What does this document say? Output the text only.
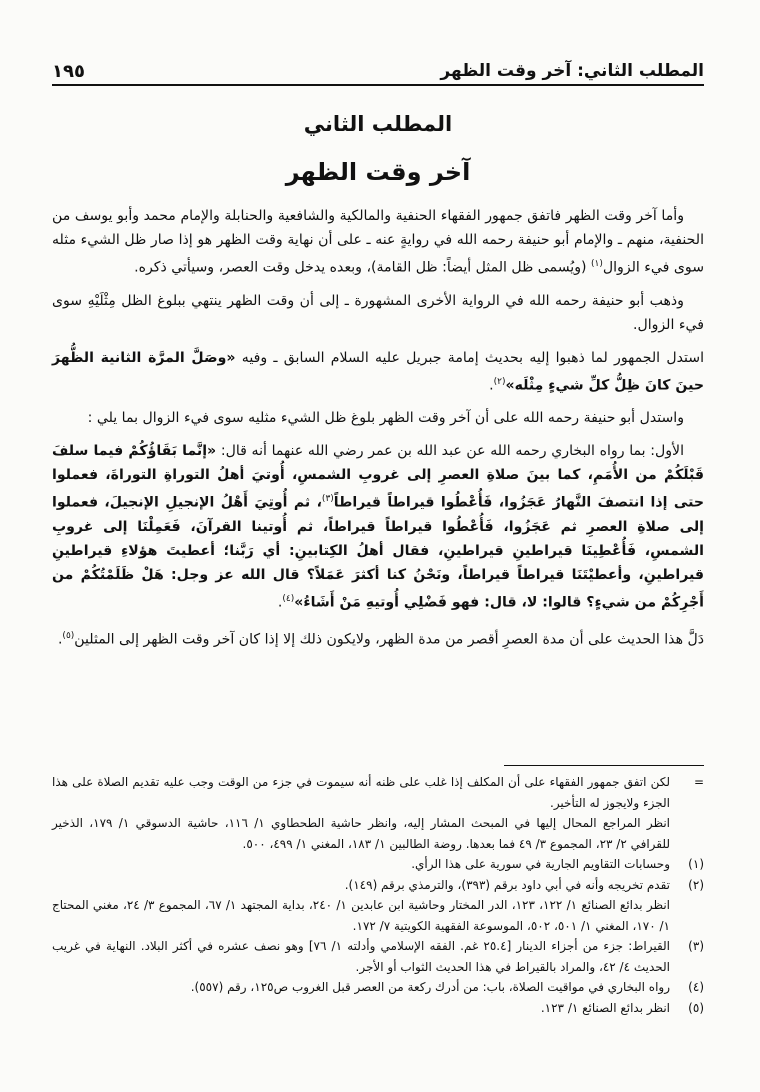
المطلب الثاني: آخر وقت الظهر
١٩٥
المطلب الثاني
آخر وقت الظهر

وأما آخر وقت الظهر فاتفق جمهور الفقهاء الحنفية والمالكية والشافعية والحنابلة والإمام محمد وأبو يوسف من الحنفية، منهم ـ والإمام أبو حنيفة رحمه الله في روايةٍ عنه ـ على أن نهاية وقت الظهر هو إذا صار ظل الشيء مثله سوى فيء الزوال$^{(١)}$ (ويُسمى ظل المثل أيضاً: ظل القامة)، وبعده يدخل وقت العصر، وسيأتي ذكره.

وذهب أبو حنيفة رحمه الله في الرواية الأخرى المشهورة ـ إلى أن وقت الظهر ينتهي ببلوغ الظل مِثْلَيْهِ سوى فيء الزوال.

استدل الجمهور لما ذهبوا إليه بحديث إمامة جبريل عليه السلام السابق ـ وفيه «وصَلَّ المرَّة الثانية الظُّهرَ حينَ كانَ ظِلُّ كلِّ شيءٍ مِثْلَه»$^{(٢)}$.

واستدل أبو حنيفة رحمه الله على أن آخر وقت الظهر بلوغ ظل الشيء مثليه سوى فيء الزوال بما يلي :

الأول: بما رواه البخاري رحمه الله عن عبد الله بن عمر رضي الله عنهما أنه قال: «إنَّما بَقَاؤُكُمْ فيما سلفَ قَبْلَكُمْ من الأُمَمِ، كما بينَ صلاةِ العصرِ إلى غروبِ الشمسِ، أُوتيَ أهلُ التوراةِ التوراةَ، فعملوا حتى إذا انتصفَ النَّهارُ عَجَزُوا، فَأُعْطُوا قيراطاً قيراطاً$^{(٣)}$، ثم أُوتِيَ أَهْلُ الإنجيلِ الإنجيلَ، فعملوا إلى صلاةِ العصرِ ثم عَجَزُوا، فَأُعْطُوا قيراطاً قيراطاً، ثم أُوتينا القرآنَ، فَعَمِلْنَا إلى غروبِ الشمسِ، فَأُعْطِينَا قيراطينِ قيراطينِ، فقال أهلُ الكِتابينِ: أي رَبَّنا؛ أعطيتَ هؤلاءِ قيراطينِ قيراطينِ، وأعطيْتَنَا قيراطاً قيراطاً، ونَحْنُ كنا أكثرَ عَمَلاً؟ قال الله عز وجل: هَلْ ظَلَمْتُكُمْ من أَجْرِكُمْ من شيءٍ؟ قالوا: لا، قال: فهو فَضْلِي أُوتيهِ مَنْ أَشَاءُ»$^{(٤)}$.

دَلَّ هذا الحديث على أن مدة العصرِ أقصر من مدة الظهر، ولايكون ذلك إلا إذا كان آخر وقت الظهر إلى المثلين$^{(٥)}$.

=
لكن اتفق جمهور الفقهاء على أن المكلف إذا غلب على ظنه أنه سيموت في جزء من الوقت وجب عليه تقديم الصلاة على هذا الجزء ولايجوز له التأخير.
انظر المراجع المحال إليها في المبحث المشار إليه، وانظر حاشية الطحطاوي ١/ ١١٦، حاشية الدسوقي ١/ ١٧٩، الذخير للقرافي ٢/ ٢٣، المجموع ٣/ ٤٩ فما بعدها. روضة الطالبين ١/ ١٨٣، المغني ١/ ٤٩٩، ٥٠٠.
(١)
وحسابات التقاويم الجارية في سورية على هذا الرأي.
(٢)
تقدم تخريجه وأنه في أبي داود برقم (٣٩٣)، والترمذي برقم (١٤٩).
انظر بدائع الصنائع ١/ ١٢٢، ١٢٣، الدر المختار وحاشية ابن عابدين ١/ ٢٤٠، بداية المجتهد ١/ ٦٧، المجموع ٣/ ٢٤، مغني المحتاج ١/ ١٧٠، المغني ١/ ٥٠١، ٥٠٢، الموسوعة الفقهية الكويتية ٧/ ١٧٢.
(٣)
القيراط: جزء من أجزاء الدينار [٢٥.٤ غم. الفقه الإسلامي وأدلته ١/ ٧٦] وهو نصف عشره في أكثر البلاد. النهاية في غريب الحديث ٤/ ٤٢، والمراد بالقيراط في هذا الحديث الثواب أو الأجر.
(٤)
رواه البخاري في مواقيت الصلاة، باب: من أدرك ركعة من العصر قبل الغروب ص١٢٥، رقم (٥٥٧).
(٥)
انظر بدائع الصنائع ١/ ١٢٣.
